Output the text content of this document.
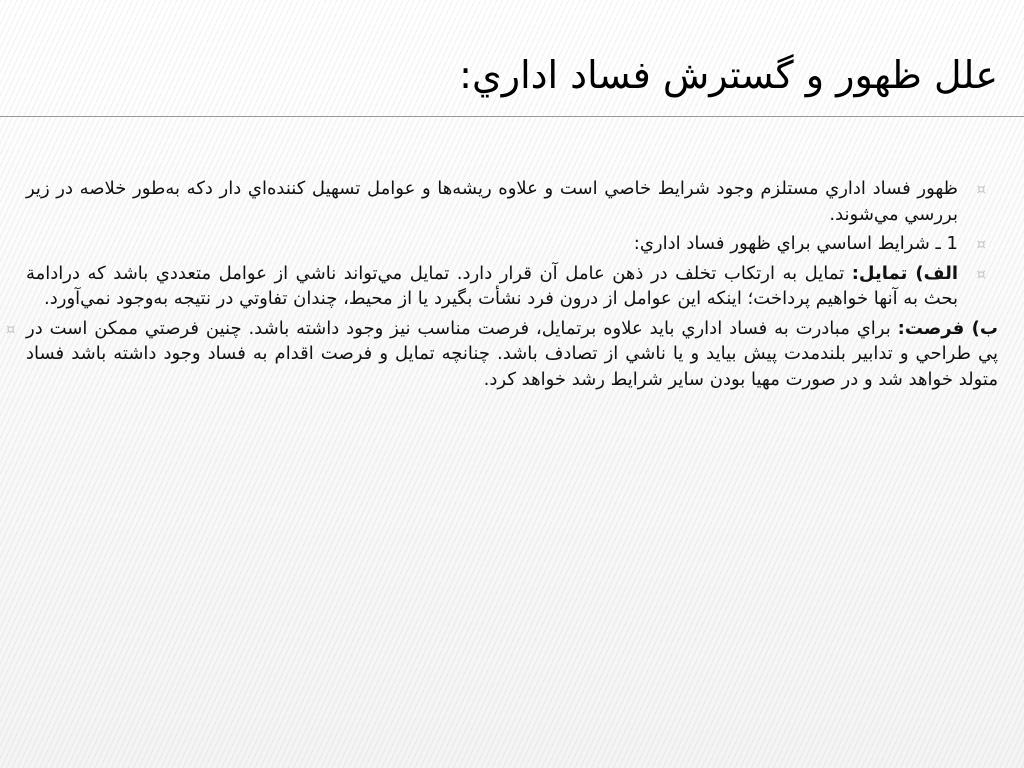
علل ظهور و گسترش فساد اداري:

¤
ظهور فساد اداري مستلزم وجود شرايط خاصي است و علاوه ريشه‌ها و عوامل تسهيل كننده‌اي دار دكه به‌طور خلاصه در زير بررسي مي‌شوند.

¤
1 ـ شرايط اساسي براي ظهور فساد اداري:

¤
الف) تمايل: تمايل به ارتكاب تخلف در ذهن عامل آن قرار دارد. تمايل مي‌تواند ناشي از عوامل متعددي باشد كه درادامة بحث به آنها خواهيم پرداخت؛ اينكه اين عوامل از درون فرد نشأت بگيرد يا از محيط، چندان تفاوتي در نتيجه به‌وجود نمي‌آورد.

¤	ب) فرصت: براي مبادرت به فساد اداري بايد علاوه برتمايل، فرصت مناسب نيز وجود داشته باشد. چنين فرصتي ممكن است در پي طراحي و تدابير بلندمدت پيش بيايد و يا ناشي از تصادف باشد. چنانچه تمايل و فرصت اقدام به فساد وجود داشته باشد فساد متولد خواهد شد و در صورت مهيا بودن ساير شرايط رشد خواهد كرد.
